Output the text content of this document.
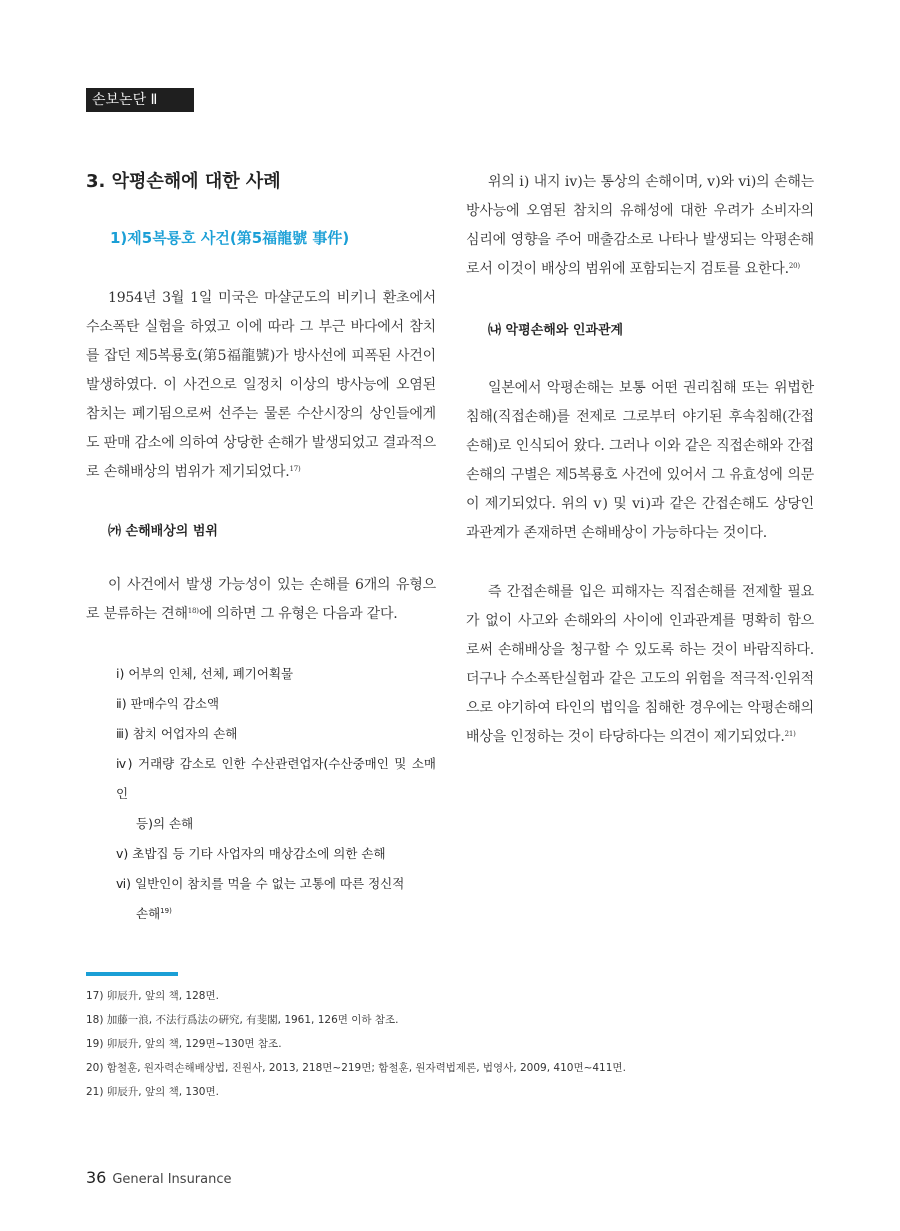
손보논단 Ⅱ
3. 악평손해에 대한 사례
1)제5복룡호 사건(第5福龍號 事件)

1954년 3월 1일 미국은 마샬군도의 비키니 환초에서 수소폭탄 실험을 하였고 이에 따라 그 부근 바다에서 참치를 잡던 제5복룡호(第5福龍號)가 방사선에 피폭된 사건이 발생하였다. 이 사건으로 일정치 이상의 방사능에 오염된 참치는 폐기됨으로써 선주는 물론 수산시장의 상인들에게도 판매 감소에 의하여 상당한 손해가 발생되었고 결과적으로 손해배상의 범위가 제기되었다.$^{17)}$

㈎ 손해배상의 범위

이 사건에서 발생 가능성이 있는 손해를 6개의 유형으로 분류하는 견해$^{18)}$에 의하면 그 유형은 다음과 같다.

ⅰ) 어부의 인체, 선체, 폐기어획물
ⅱ) 판매수익 감소액
ⅲ) 참치 어업자의 손해
ⅳ) 거래량 감소로 인한 수산관련업자(수산중매인 및 소매인
등)의 손해
ⅴ) 초밥집 등 기타 사업자의 매상감소에 의한 손해
ⅵ) 일반인이 참치를 먹을 수 없는 고통에 따른 정신적
손해$^{19)}$

위의 ⅰ) 내지 ⅳ)는 통상의 손해이며, ⅴ)와 ⅵ)의 손해는 방사능에 오염된 참치의 유해성에 대한 우려가 소비자의 심리에 영향을 주어 매출감소로 나타나 발생되는 악평손해로서 이것이 배상의 범위에 포함되는지 검토를 요한다.$^{20)}$

㈏ 악평손해와 인과관계

일본에서 악평손해는 보통 어떤 권리침해 또는 위법한 침해(직접손해)를 전제로 그로부터 야기된 후속침해(간접손해)로 인식되어 왔다. 그러나 이와 같은 직접손해와 간접손해의 구별은 제5복룡호 사건에 있어서 그 유효성에 의문이 제기되었다. 위의 ⅴ) 및 ⅵ)과 같은 간접손해도 상당인과관계가 존재하면 손해배상이 가능하다는 것이다.

즉 간접손해를 입은 피해자는 직접손해를 전제할 필요가 없이 사고와 손해와의 사이에 인과관계를 명확히 함으로써 손해배상을 청구할 수 있도록 하는 것이 바람직하다. 더구나 수소폭탄실험과 같은 고도의 위험을 적극적·인위적으로 야기하여 타인의 법익을 침해한 경우에는 악평손해의 배상을 인정하는 것이 타당하다는 의견이 제기되었다.$^{21)}$

17) 卯辰升, 앞의 책, 128면.
18) 加藤一浪, 不法行爲法の硏究, 有斐閣, 1961, 126면 이하 참조.
19) 卯辰升, 앞의 책, 129면~130면 참조.
20) 함철훈, 원자력손해배상법, 진원사, 2013, 218면~219면; 함철훈, 원자력법제론, 법영사, 2009, 410면~411면.
21) 卯辰升, 앞의 책, 130면.
36 General Insurance
